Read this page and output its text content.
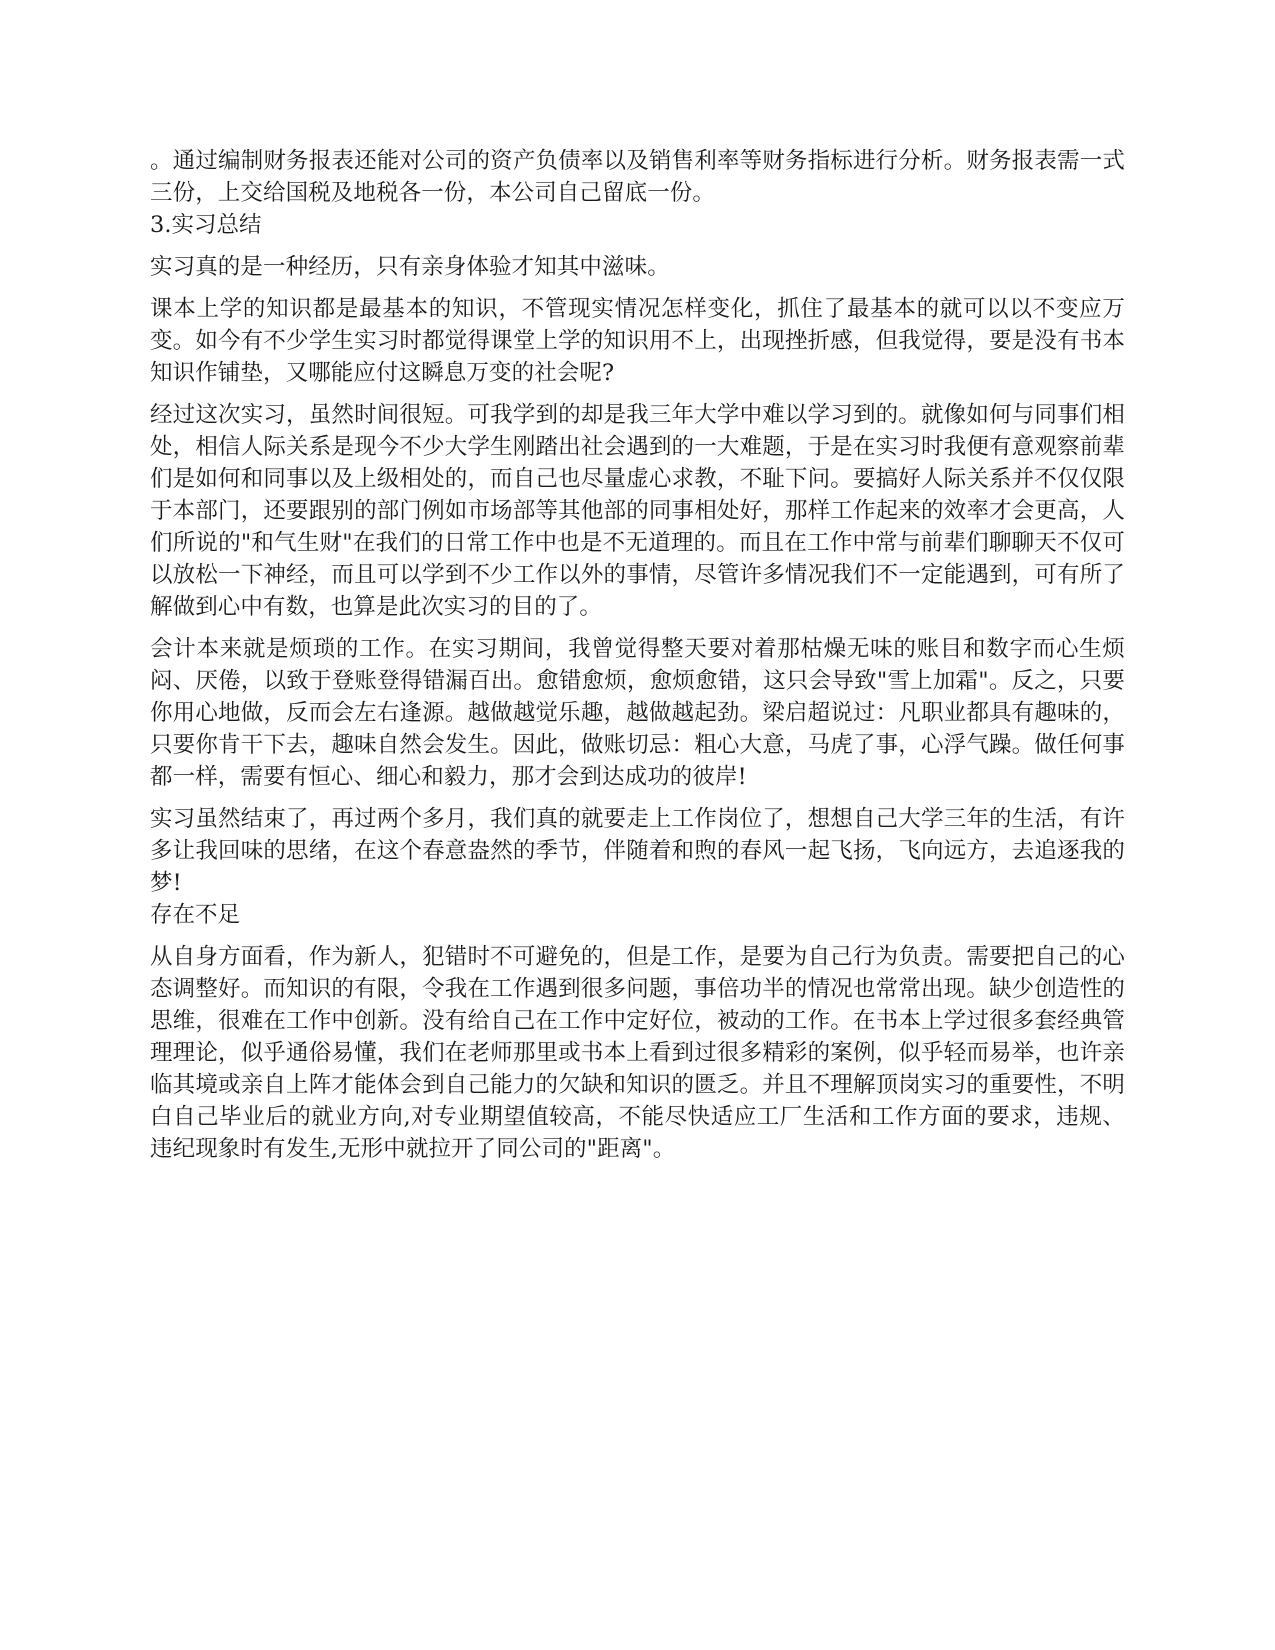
。通过编制财务报表还能对公司的资产负债率以及销售利率等财务指标进行分析。财务报表需一式三份，上交给国税及地税各一份，本公司自己留底一份。

3.实习总结

实习真的是一种经历，只有亲身体验才知其中滋味。

课本上学的知识都是最基本的知识，不管现实情况怎样变化，抓住了最基本的就可以以不变应万变。如今有不少学生实习时都觉得课堂上学的知识用不上，出现挫折感，但我觉得，要是没有书本知识作铺垫，又哪能应付这瞬息万变的社会呢?

经过这次实习，虽然时间很短。可我学到的却是我三年大学中难以学习到的。就像如何与同事们相处，相信人际关系是现今不少大学生刚踏出社会遇到的一大难题，于是在实习时我便有意观察前辈们是如何和同事以及上级相处的，而自己也尽量虚心求教，不耻下问。要搞好人际关系并不仅仅限于本部门，还要跟别的部门例如市场部等其他部的同事相处好，那样工作起来的效率才会更高，人们所说的"和气生财"在我们的日常工作中也是不无道理的。而且在工作中常与前辈们聊聊天不仅可以放松一下神经，而且可以学到不少工作以外的事情，尽管许多情况我们不一定能遇到，可有所了解做到心中有数，也算是此次实习的目的了。

会计本来就是烦琐的工作。在实习期间，我曾觉得整天要对着那枯燥无味的账目和数字而心生烦闷、厌倦，以致于登账登得错漏百出。愈错愈烦，愈烦愈错，这只会导致"雪上加霜"。反之，只要你用心地做，反而会左右逢源。越做越觉乐趣，越做越起劲。梁启超说过：凡职业都具有趣味的，只要你肯干下去，趣味自然会发生。因此，做账切忌：粗心大意，马虎了事，心浮气躁。做任何事都一样，需要有恒心、细心和毅力，那才会到达成功的彼岸!

实习虽然结束了，再过两个多月，我们真的就要走上工作岗位了，想想自己大学三年的生活，有许多让我回味的思绪，在这个春意盎然的季节，伴随着和煦的春风一起飞扬，飞向远方，去追逐我的梦!

存在不足

从自身方面看，作为新人，犯错时不可避免的，但是工作，是要为自己行为负责。需要把自己的心态调整好。而知识的有限，令我在工作遇到很多问题，事倍功半的情况也常常出现。缺少创造性的思维，很难在工作中创新。没有给自己在工作中定好位，被动的工作。在书本上学过很多套经典管理理论，似乎通俗易懂，我们在老师那里或书本上看到过很多精彩的案例，似乎轻而易举，也许亲临其境或亲自上阵才能体会到自己能力的欠缺和知识的匮乏。并且不理解顶岗实习的重要性，不明白自己毕业后的就业方向,对专业期望值较高，不能尽快适应工厂生活和工作方面的要求，违规、违纪现象时有发生,无形中就拉开了同公司的"距离"。
